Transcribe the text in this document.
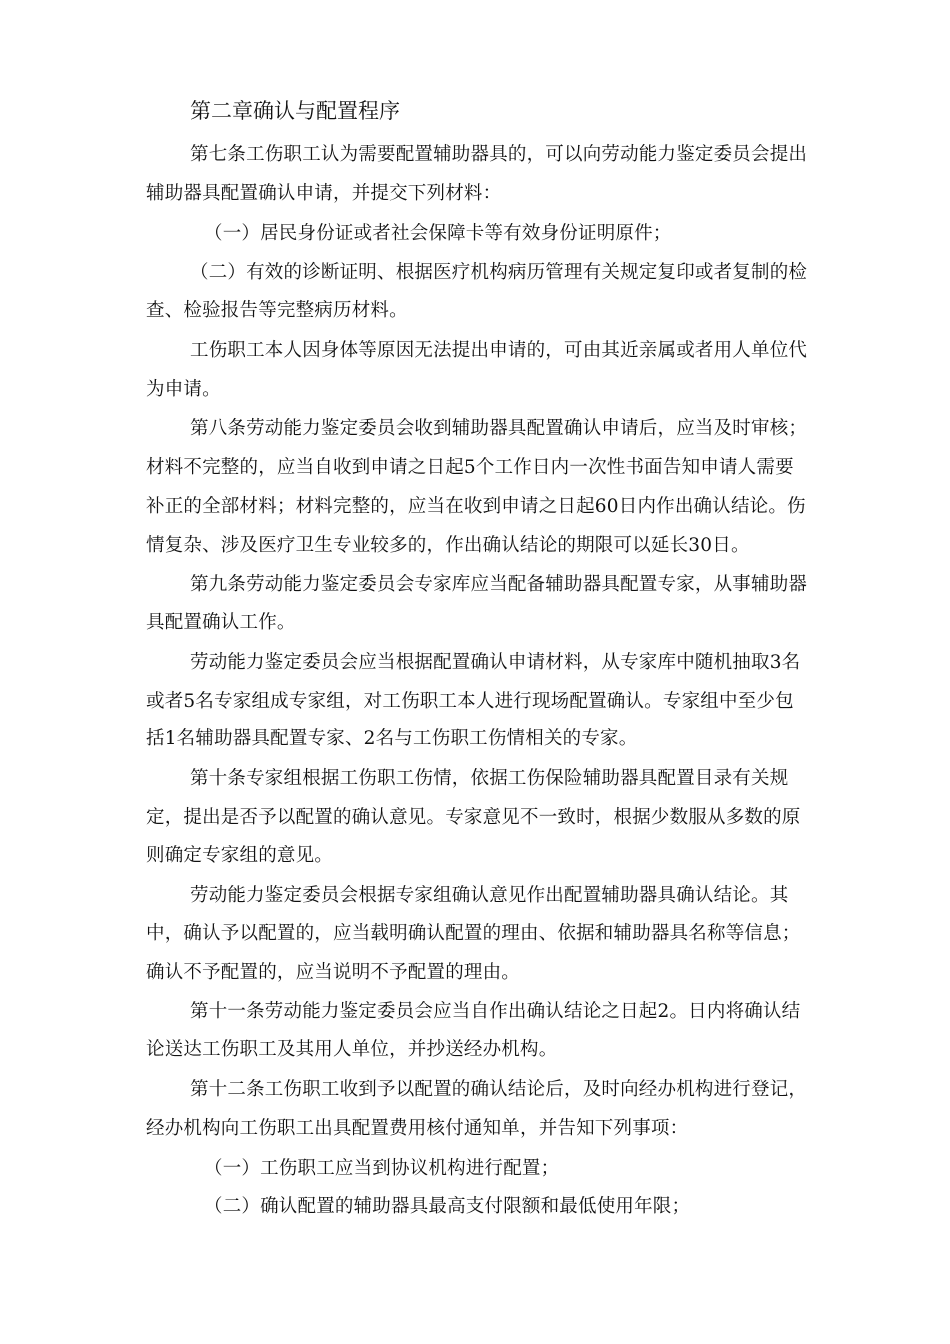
第二章确认与配置程序
第七条工伤职工认为需要配置辅助器具的，可以向劳动能力鉴定委员会提出
辅助器具配置确认申请，并提交下列材料：
（一）居民身份证或者社会保障卡等有效身份证明原件；
（二）有效的诊断证明、根据医疗机构病历管理有关规定复印或者复制的检
查、检验报告等完整病历材料。
工伤职工本人因身体等原因无法提出申请的，可由其近亲属或者用人单位代
为申请。
第八条劳动能力鉴定委员会收到辅助器具配置确认申请后，应当及时审核；
材料不完整的，应当自收到申请之日起5个工作日内一次性书面告知申请人需要
补正的全部材料；材料完整的，应当在收到申请之日起60日内作出确认结论。伤
情复杂、涉及医疗卫生专业较多的，作出确认结论的期限可以延长30日。
第九条劳动能力鉴定委员会专家库应当配备辅助器具配置专家，从事辅助器
具配置确认工作。
劳动能力鉴定委员会应当根据配置确认申请材料，从专家库中随机抽取3名
或者5名专家组成专家组，对工伤职工本人进行现场配置确认。专家组中至少包
括1名辅助器具配置专家、2名与工伤职工伤情相关的专家。
第十条专家组根据工伤职工伤情，依据工伤保险辅助器具配置目录有关规
定，提出是否予以配置的确认意见。专家意见不一致时，根据少数服从多数的原
则确定专家组的意见。
劳动能力鉴定委员会根据专家组确认意见作出配置辅助器具确认结论。其
中，确认予以配置的，应当载明确认配置的理由、依据和辅助器具名称等信息；
确认不予配置的，应当说明不予配置的理由。
第十一条劳动能力鉴定委员会应当自作出确认结论之日起2。日内将确认结
论送达工伤职工及其用人单位，并抄送经办机构。
第十二条工伤职工收到予以配置的确认结论后，及时向经办机构进行登记，
经办机构向工伤职工出具配置费用核付通知单，并告知下列事项：
（一）工伤职工应当到协议机构进行配置；
（二）确认配置的辅助器具最高支付限额和最低使用年限；
